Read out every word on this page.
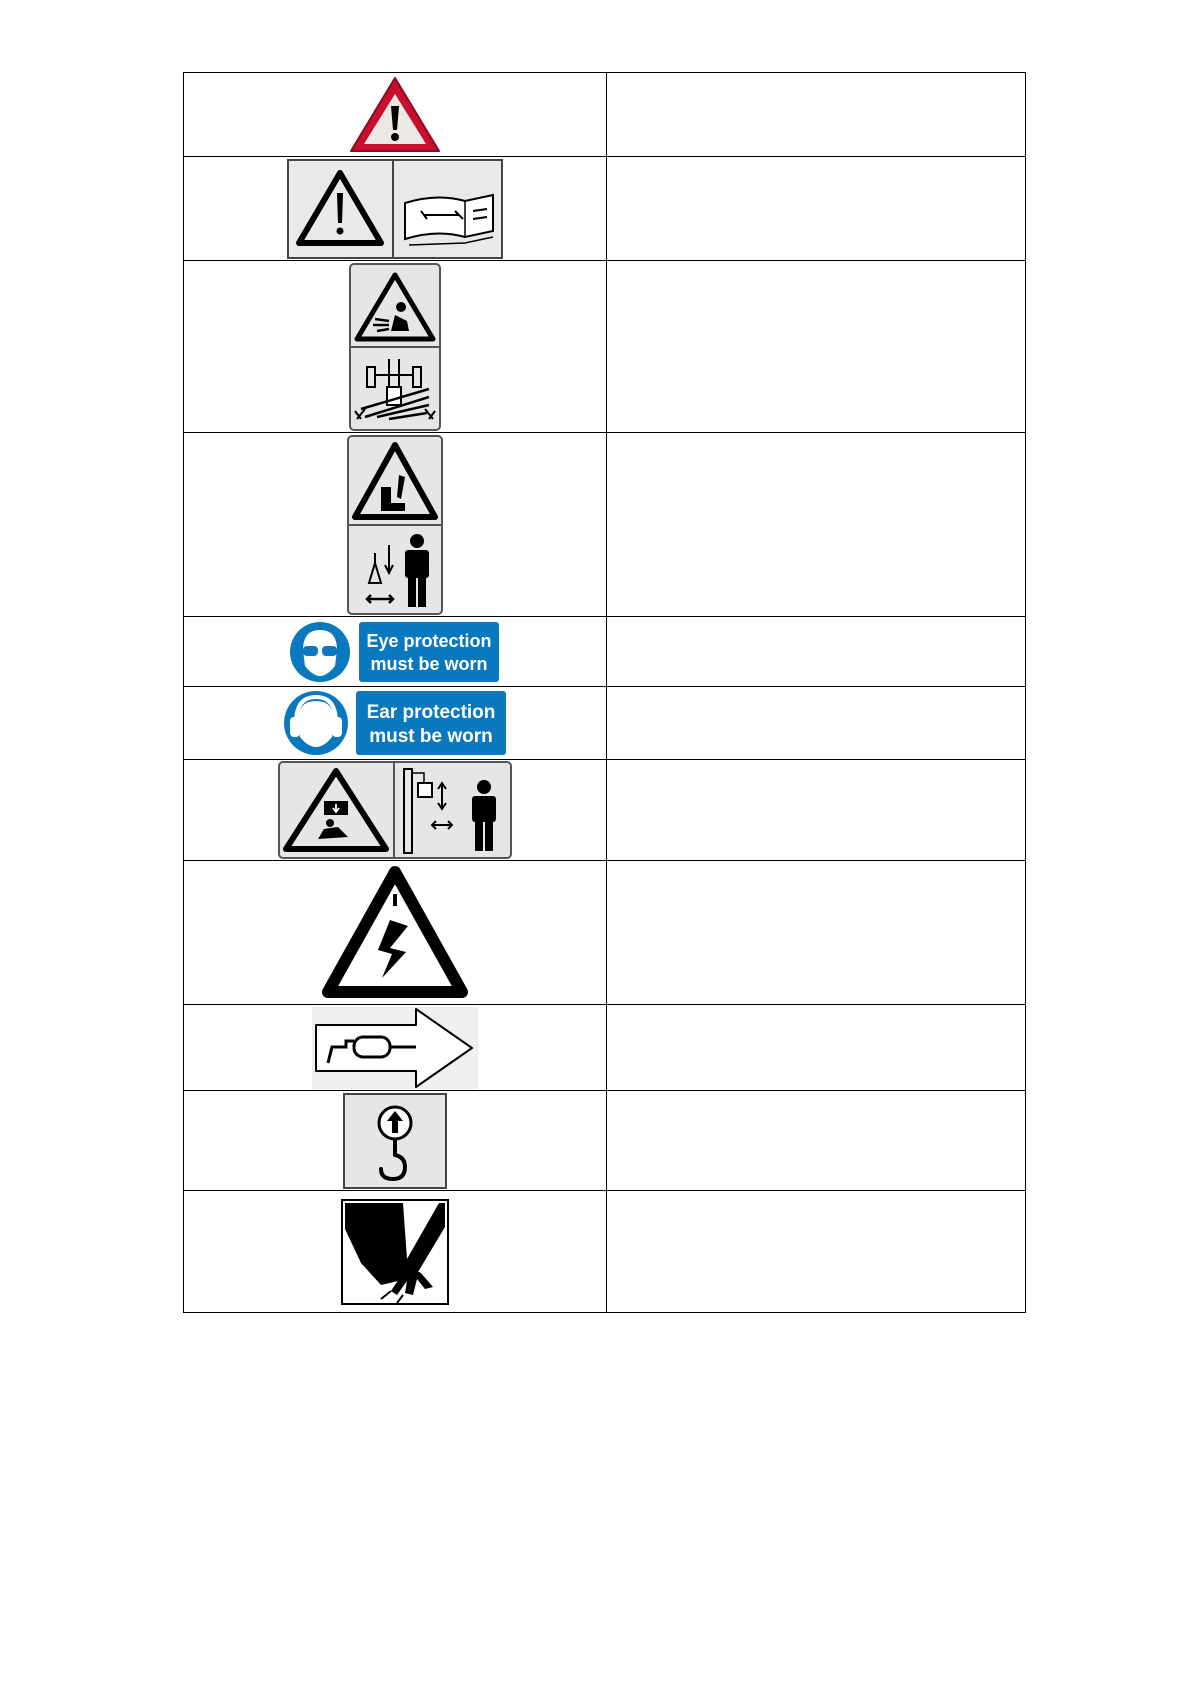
Eye protection
must be worn	

Ear protection
must be worn	
